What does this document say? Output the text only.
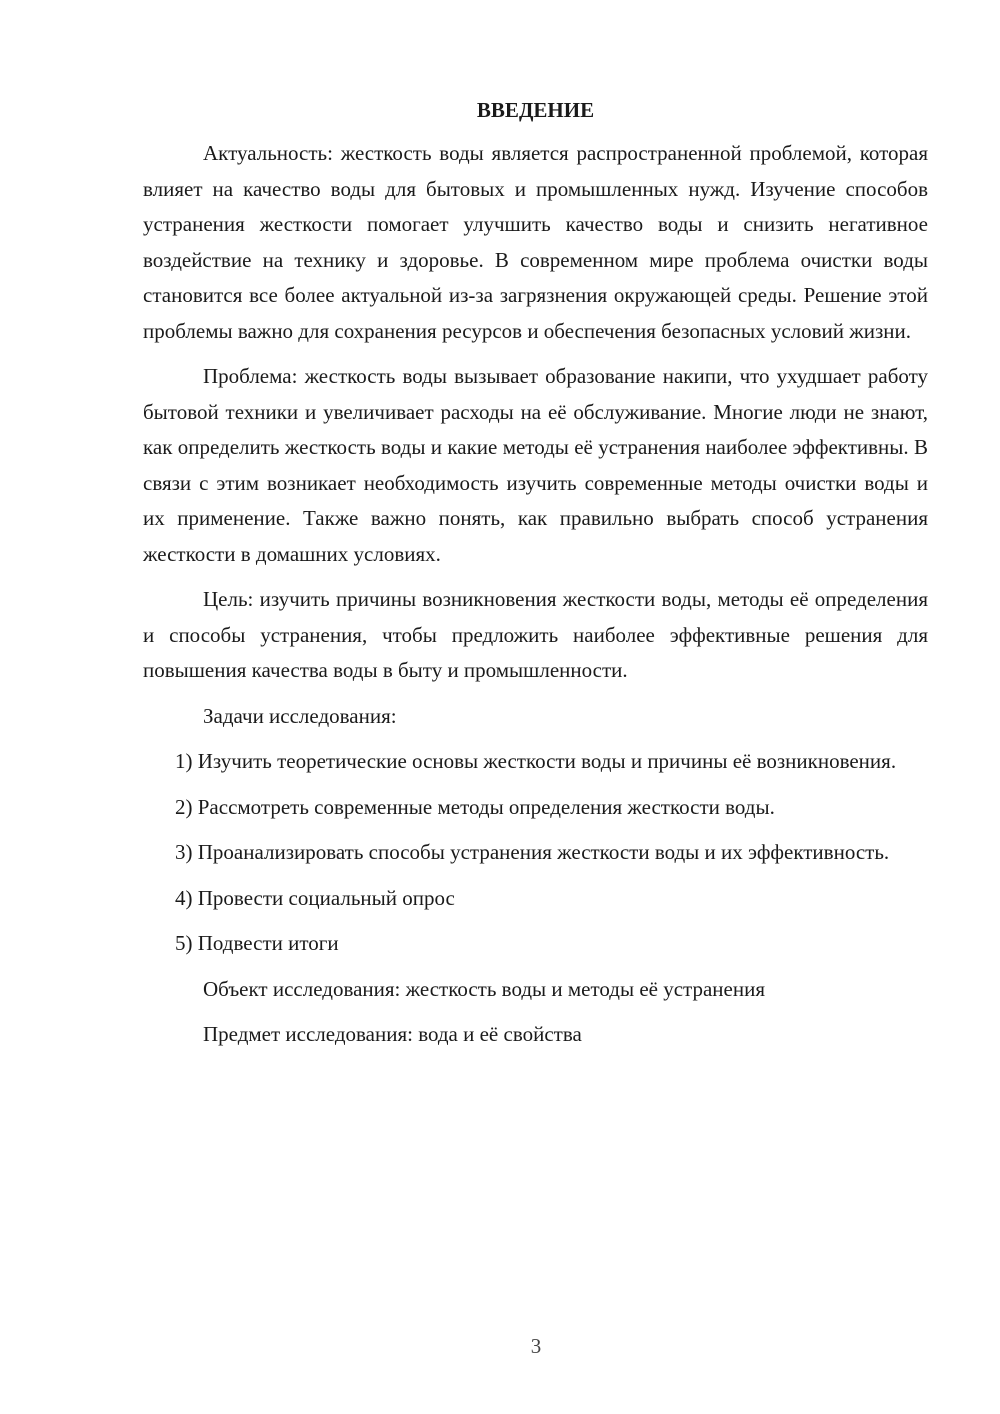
ВВЕДЕНИЕ

Актуальность: жесткость воды является распространенной проблемой, которая влияет на качество воды для бытовых и промышленных нужд. Изучение способов устранения жесткости помогает улучшить качество воды и снизить негативное воздействие на технику и здоровье. В современном мире проблема очистки воды становится все более актуальной из-за загрязнения окружающей среды. Решение этой проблемы важно для сохранения ресурсов и обеспечения безопасных условий жизни.

Проблема: жесткость воды вызывает образование накипи, что ухудшает работу бытовой техники и увеличивает расходы на её обслуживание. Многие люди не знают, как определить жесткость воды и какие методы её устранения наиболее эффективны. В связи с этим возникает необходимость изучить современные методы очистки воды и их применение. Также важно понять, как правильно выбрать способ устранения жесткости в домашних условиях.

Цель: изучить причины возникновения жесткости воды, методы её определения и способы устранения, чтобы предложить наиболее эффективные решения для повышения качества воды в быту и промышленности.

Задачи исследования:

1) Изучить теоретические основы жесткости воды и причины её возникновения.

2) Рассмотреть современные методы определения жесткости воды.

3) Проанализировать способы устранения жесткости воды и их эффективность.

4) Провести социальный опрос

5) Подвести итоги

Объект исследования: жесткость воды и методы её устранения

Предмет исследования: вода и её свойства

3
